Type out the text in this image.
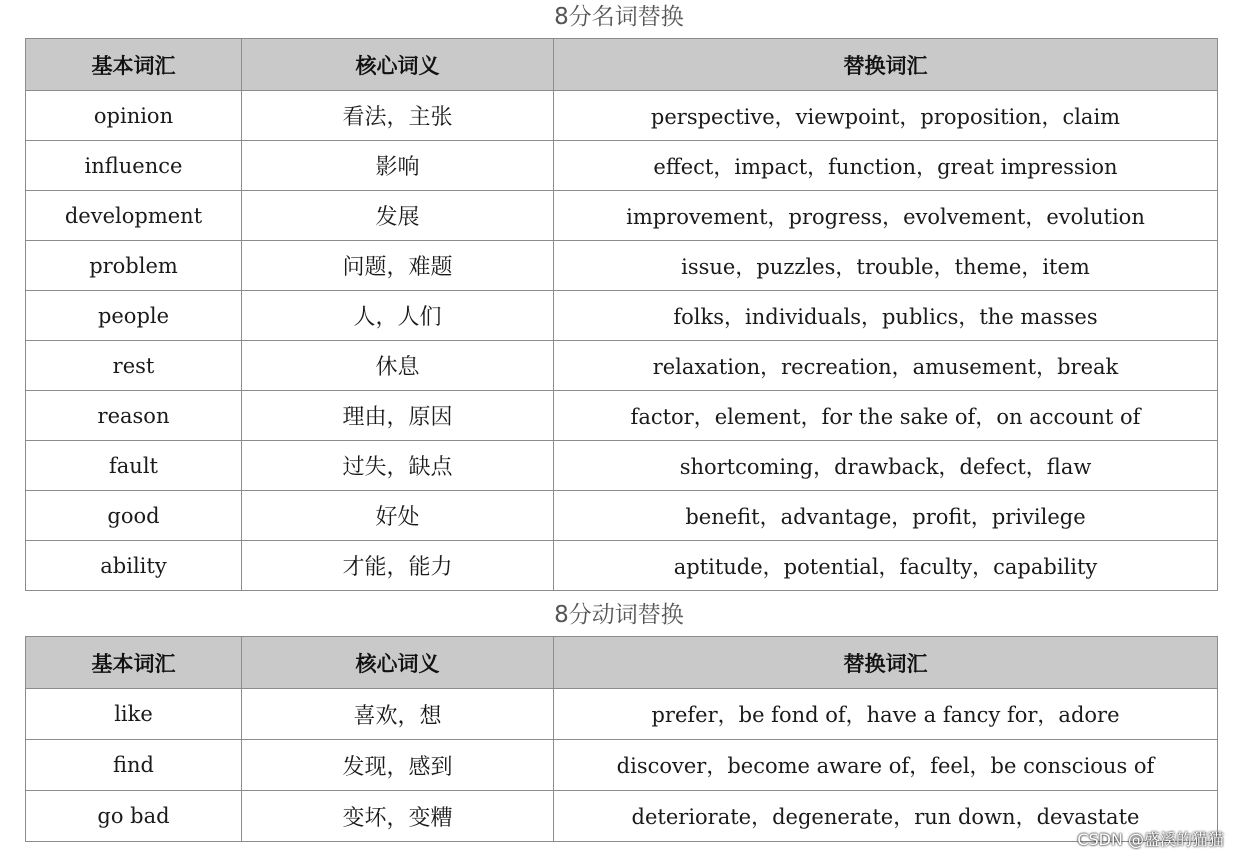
8分名词替换
基本词汇	核心词义	替换词汇
opinion	看法，主张	perspective，viewpoint，proposition，claim
influence	影响	effect，impact，function，great impression
development	发展	improvement，progress，evolvement，evolution
problem	问题，难题	issue，puzzles，trouble，theme，item
people	人，人们	folks，individuals，publics，the masses
rest	休息	relaxation，recreation，amusement，break
reason	理由，原因	factor，element，for the sake of，on account of
fault	过失，缺点	shortcoming，drawback，defect，flaw
good	好处	benefit，advantage，profit，privilege
ability	才能，能力	aptitude，potential，faculty，capability
8分动词替换
基本词汇	核心词义	替换词汇
like	喜欢，想	prefer，be fond of，have a fancy for，adore
find	发现，感到	discover，become aware of，feel，be conscious of
go bad	变坏，变糟	deteriorate，degenerate，run down，devastate
CSDN @盛溪的猫猫
